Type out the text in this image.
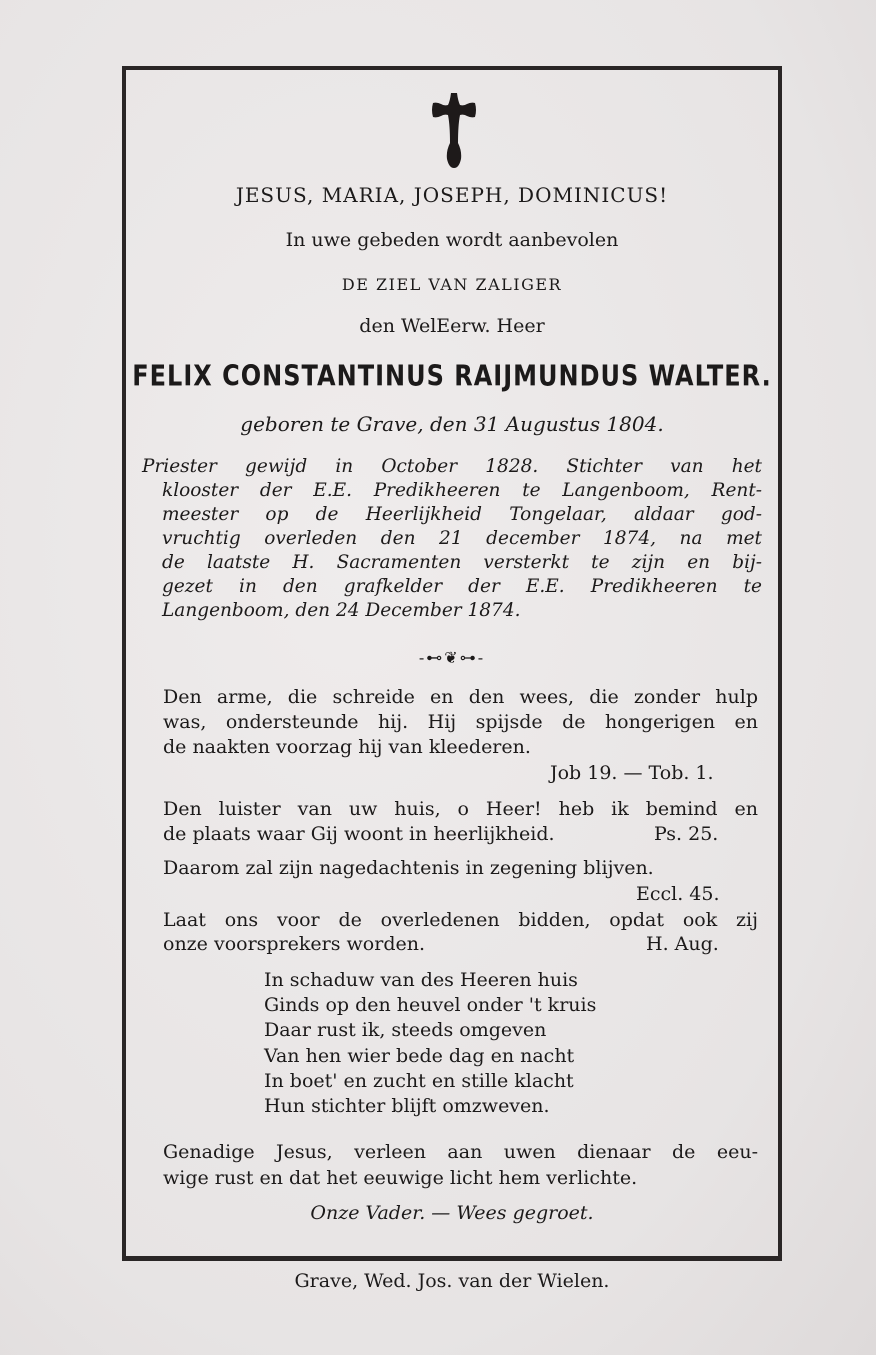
JESUS, MARIA, JOSEPH, DOMINICUS!
In uwe gebeden wordt aanbevolen
DE ZIEL VAN ZALIGER
den WelEerw. Heer
FELIX CONSTANTINUS RAIJMUNDUS WALTER.
geboren te Grave, den 31 Augustus 1804.

Priester gewijd in October 1828. Stichter van het

klooster der E.E. Predikheeren te Langenboom, Rent-

meester op de Heerlijkheid Tongelaar, aldaar god-

vruchtig overleden den 21 december 1874, na met

de laatste H. Sacramenten versterkt te zijn en bij-

gezet in den grafkelder der E.E. Predikheeren te

Langenboom, den 24 December 1874.

-⊷❦⊶-
Den arme, die schreide en den wees, die zonder hulp
was, ondersteunde hij. Hij spijsde de hongerigen en
de naakten voorzag hij van kleederen.
Job 19. — Tob. 1.
Den luister van uw huis, o Heer! heb ik bemind en
de plaats waar Gij woont in heerlijkheid.	Ps. 25.
Daarom zal zijn nagedachtenis in zegening blijven.
Eccl. 45.
Laat ons voor de overledenen bidden, opdat ook zij
onze voorsprekers worden.	H. Aug.
In schaduw van des Heeren huis
Ginds op den heuvel onder 't kruis
Daar rust ik, steeds omgeven
Van hen wier bede dag en nacht
In boet' en zucht en stille klacht
Hun stichter blijft omzweven.
Genadige Jesus, verleen aan uwen dienaar de eeu-
wige rust en dat het eeuwige licht hem verlichte.
Onze Vader. — Wees gegroet.
Grave, Wed. Jos. van der Wielen.
